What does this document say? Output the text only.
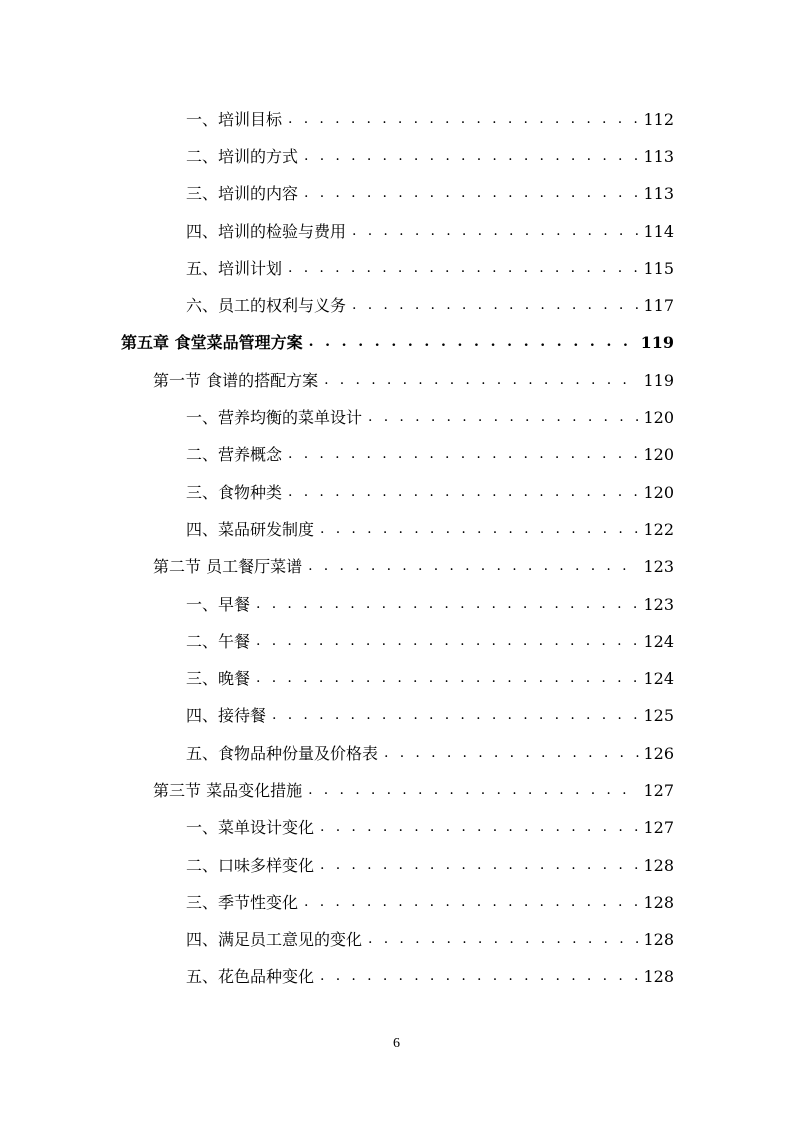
一、培训目标 . . .	112
二、培训的方式 . . .	113
三、培训的内容 . . .	113
四、培训的检验与费用 . . .	114
五、培训计划 . . .	115
六、员工的权利与义务 . . .	117
第五章 食堂菜品管理方案 . . .	119
第一节 食谱的搭配方案 . . .	119
一、营养均衡的菜单设计 . . .	120
二、营养概念 . . .	120
三、食物种类 . . .	120
四、菜品研发制度 . . .	122
第二节 员工餐厅菜谱 . . .	123
一、早餐 . . .	123
二、午餐 . . .	124
三、晚餐 . . .	124
四、接待餐 . . .	125
五、食物品种份量及价格表 . . .	126
第三节 菜品变化措施 . . .	127
一、菜单设计变化 . . .	127
二、口味多样变化 . . .	128
三、季节性变化 . . .	128
四、满足员工意见的变化 . . .	128
五、花色品种变化 . . .	128
6
